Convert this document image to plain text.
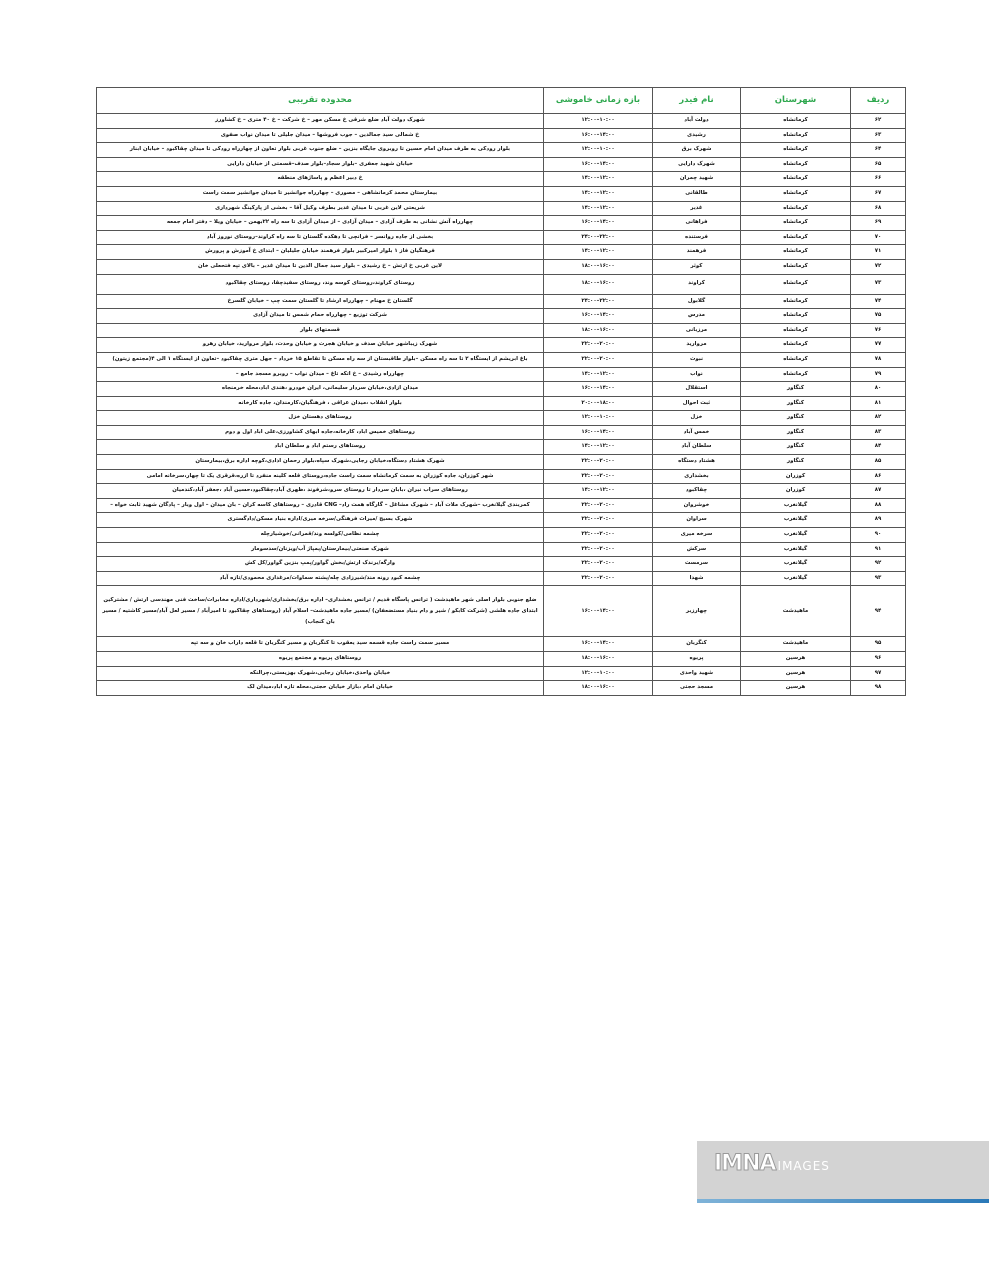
ردیف	شهرستان	نام فیدر	بازه زمانی خاموشی	محدوده تقریبی
۶۲	کرمانشاه	دولت آباد	۱۰:۰۰–۱۲:۰۰	شهرک دولت آباد ضلع شرقی خ مسکن مهر – خ شرکت – خ ۴۰ متری – خ کشاورز
۶۳	کرمانشاه	رشیدی	۱۴:۰۰–۱۶:۰۰	خ شمالی سید جمالدین – جوب فروشها – میدان جلیلی تا میدان نواب صفوی
۶۴	کرمانشاه	شهرک برق	۱۰:۰۰–۱۲:۰۰	بلوار رودکی به طرف میدان امام حسین تا روبروی جایگاه بنزین – ضلع جنوب غربی بلوار تعاون از چهارراه رودکی تا میدان چقاکبود – خیابان ابنار
۶۵	کرمانشاه	شهرک دارایی	۱۴:۰۰–۱۶:۰۰	خیابان شهید جعفری –بلوار سجاد–بلوار صدف–قسمتی از خیابان دارایی
۶۶	کرمانشاه	شهید چمران	۱۲:۰۰–۱۴:۰۰	خ دبیر اعظم و پاساژهای منطقه
۶۷	کرمانشاه	طالقانی	۱۲:۰۰–۱۴:۰۰	بیمارستان محمد کرمانشاهی – مصوری – چهارراه جوانشیر تا میدان جوانشیر سمت راست
۶۸	کرمانشاه	غدیر	۱۲:۰۰–۱۴:۰۰	شریعتی لاین غربی تا میدان غدیر بطرف وکیل آقا – بخشی از پارکینگ شهرداری
۶۹	کرمانشاه	فراهانی	۱۴:۰۰–۱۶:۰۰	چهارراه آتش نشانی به طرف آزادی – میدان آزادی – از میدان آزادی تا سه راه ۲۲بهمن – خیابان ویلا – دفتر امام جمعه
۷۰	کرمانشاه	فرستنده	۲۲:۰۰–۲۴:۰۰	بخشی از جاده روانسر – فرانچی تا دهکده گلستان تا سه راه کراوند–روستای نوروز آباد
۷۱	کرمانشاه	فرهمند	۱۲:۰۰–۱۴:۰۰	فرهنگیان فاز ۱ بلوار امیرکبیر بلوار فرهمند خیابان جلیلیان – ابتدای خ آموزش و پرورش
۷۲	کرمانشاه	کوثر	۱۶:۰۰–۱۸:۰۰	لاین غربی خ ارتش – خ رشیدی – بلوار سید جمال الدین تا میدان غدیر – بالای تپه فتحعلی خان
۷۳	کرمانشاه	کراوند	۱۶:۰۰–۱۸:۰۰	روستای کراوند،روستای کوسه وند، روستای سفیدچقا، روستای چقاکبود
۷۴	کرمانشاه	گلابول	۲۲:۰۰–۲۴:۰۰	گلستان خ مهنام – چهارراه ارشاد تا گلستان سمت چپ – خیابان گلسرخ
۷۵	کرمانشاه	مدرس	۱۴:۰۰–۱۶:۰۰	شرکت توزیع – چهارراه حمام شمس تا میدان آزادی
۷۶	کرمانشاه	مرزبانی	۱۶:۰۰–۱۸:۰۰	قسمتهای بلوار
۷۷	کرمانشاه	مروارید	۲۰:۰۰–۲۲:۰۰	شهرک زیباشهر خیابان صدف و خیابان هجرت و خیابان وحدت، بلوار مروارید، خیابان رهرو
۷۸	کرمانشاه	نبوت	۲۰:۰۰–۲۲:۰۰	باغ ابریشم از ایستگاه ۲ تا سه راه مسکن –بلوار طاقبستان از سه راه مسکن تا تقاطع ۱۵ خرداد – جهل متری چقاکبود –تعاون از ایستگاه ۱ الی ۴(مجتمع زیتون)
۷۹	کرمانشاه	نواب	۱۲:۰۰–۱۴:۰۰	چهارراه رشیدی – خ اتکه تاغ – میدان نواب – روبرو مسجد جامع –
۸۰	کنگاور	استقلال	۱۴:۰۰–۱۶:۰۰	میدان ازادی،خیابان سردار سلیمانی، ایران خودرو ،هندی اباد،محله خرمنجاه
۸۱	کنگاور	ثبت احوال	۱۸:۰۰–۲۰:۰۰	بلوار انقلاب ،میدان عراقی ، فرهنگیان،کارمندان، جاده کارخانه
۸۲	کنگاور	خزل	۱۰:۰۰–۱۲:۰۰	روستاهای دهستان خزل
۸۳	کنگاور	خمس آباد	۱۴:۰۰–۱۶:۰۰	روستاهای خمیس اباد، کارخانه،جاده ابهای کشاورزی،علی اباد اول و دوم
۸۴	کنگاور	سلطان آباد	۱۲:۰۰–۱۴:۰۰	روستاهای رستم اباد و سلطان اباد
۸۵	کنگاور	هشتاد دستگاه	۲۰:۰۰–۲۲:۰۰	شهرک هشتاد دستگاه،خیابان رجایی،شهرک سپاه،بلوار رحمان اذادی،کوچه اداره برق،بیمارستان
۸۶	کوزران	بخشداری	۲۰:۰۰–۲۲:۰۰	شهر کوزران، جاده کوزران به سمت کرمانشاه سمت راست جاده،روستای قلعه کلینه منفرد تا ازره،قرقری یک تا چهار،سرخانه امامی
۸۷	کوزران	چقاکبود	۱۲:۰۰–۱۴:۰۰	روستاهای سراب نیران ،بابان سردار تا روستای سرو،شرفوند ،ظهری آباد،چقاکبود،حسین آباد ،جعفر آباد،کندمیان
۸۸	گیلانغرب	خوشروان	۲۰:۰۰–۲۲:۰۰	کمربندی گیلانغرب –شهرک ملات آباد – شهرک مشاغل – گارگاه همت راد– CNG قادری – روستاهای کاسه کران – بان میدان – اول وبار – پادگان شهید ثابت خواه –
۸۹	گیلانغرب	سراوان	۲۰:۰۰–۲۲:۰۰	شهرک بسیج /میراث فرهنگی/سرخه میری/اداره بنیاد مسکن/دادگستری
۹۰	گیلانغرب	سرخه میری	۲۰:۰۰–۲۲:۰۰	چشمه نظامی/کولسه وند/قمرانی/خوشیارچله
۹۱	گیلانغرب	سرکش	۲۰:۰۰–۲۲:۰۰	شهرک صنعتی/بیمارستان/پمپاژ آب/ویزنان/سدسومار
۹۲	گیلانغرب	سرمست	۲۰:۰۰–۲۲:۰۰	وارگه/برندک ارتش/بخش گواور/پمپ بنزین گواور/کل کش
۹۳	گیلانغرب	شهدا	۲۰:۰۰–۲۲:۰۰	چشمه کبود رونه منذ/شیرزادی چله/پشته سماوات/مرغداری محمودی/تازه آباد
۹۴	ماهیدشت	چهارزبر	۱۴:۰۰–۱۶:۰۰	ضلع جنوبی بلوار اصلی شهر ماهیدشت ( ترانس پاسگاه قدیم / ترانس بخشداری– اداره برق/بخشداری/شهرداری/اداره مخابرات/ساخت فنی مهندسی ارتش / مشترکین ابتدای جاده هلشی (شرکت کابکو / شیر و دام بنیاد مستضعفان) /مسیر جاده ماهیدشت– اسلام آباد (روستاهای چقاکبود تا امیرآباد / مسیر لعل آباد/مسیر کاشتیه / مسیر بان کنجاب)
۹۵	ماهیدشت	کنگربان	۱۴:۰۰–۱۶:۰۰	مسیر سمت راست جاده قسمه سید یعقوب تا کنگربان و مسیر کنگربان تا قلعه داراب خان و سه تپه
۹۶	هرسین	پریوه	۱۶:۰۰–۱۸:۰۰	روستاهای پریوه و مجتمع پریوه
۹۷	هرسین	شهید واحدی	۱۰:۰۰–۱۲:۰۰	خیابان واحدی،خیابان رجایی،شهرک بهزیستی،چرالنکه
۹۸	هرسین	مسجد حجتی	۱۶:۰۰–۱۸:۰۰	خیابان امام ،بازار خیابان حجتی،محله تازه اباد،میدان لک
IMNA IMAGES
